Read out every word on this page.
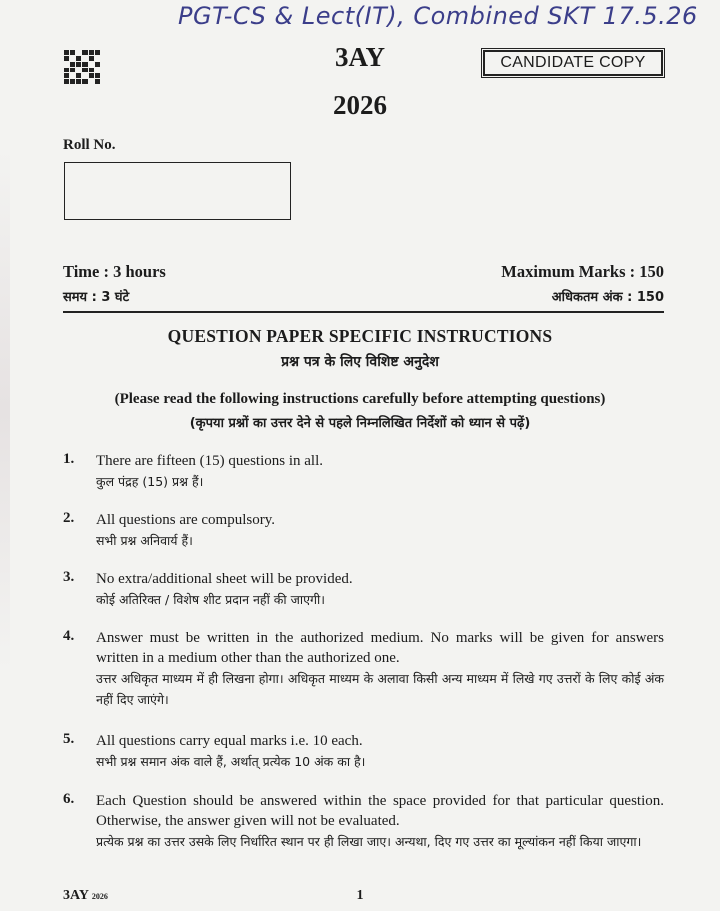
PGT-CS & Lect(IT), Combined SKT 17.5.26
3AY
2026
CANDIDATE COPY
Roll No.
Time : 3 hours
समय : 3 घंटे
Maximum Marks : 150
अधिकतम अंक : 150
QUESTION PAPER SPECIFIC INSTRUCTIONS
प्रश्न पत्र के लिए विशिष्ट अनुदेश
(Please read the following instructions carefully before attempting questions)
(कृपया प्रश्नों का उत्तर देने से पहले निम्नलिखित निर्देशों को ध्यान से पढ़ें)
1. There are fifteen (15) questions in all.
कुल पंद्रह (15) प्रश्न हैं।
2. All questions are compulsory.
सभी प्रश्न अनिवार्य हैं।
3. No extra/additional sheet will be provided.
कोई अतिरिक्त / विशेष शीट प्रदान नहीं की जाएगी।
4. Answer must be written in the authorized medium. No marks will be given for answers written in a medium other than the authorized one.
उत्तर अधिकृत माध्यम में ही लिखना होगा। अधिकृत माध्यम के अलावा किसी अन्य माध्यम में लिखे गए उत्तरों के लिए कोई अंक नहीं दिए जाएंगे।
5. All questions carry equal marks i.e. 10 each.
सभी प्रश्न समान अंक वाले हैं, अर्थात् प्रत्येक 10 अंक का है।
6. Each Question should be answered within the space provided for that particular question. Otherwise, the answer given will not be evaluated.
प्रत्येक प्रश्न का उत्तर उसके लिए निर्धारित स्थान पर ही लिखा जाए। अन्यथा, दिए गए उत्तर का मूल्यांकन नहीं किया जाएगा।
3AY 2026	1
